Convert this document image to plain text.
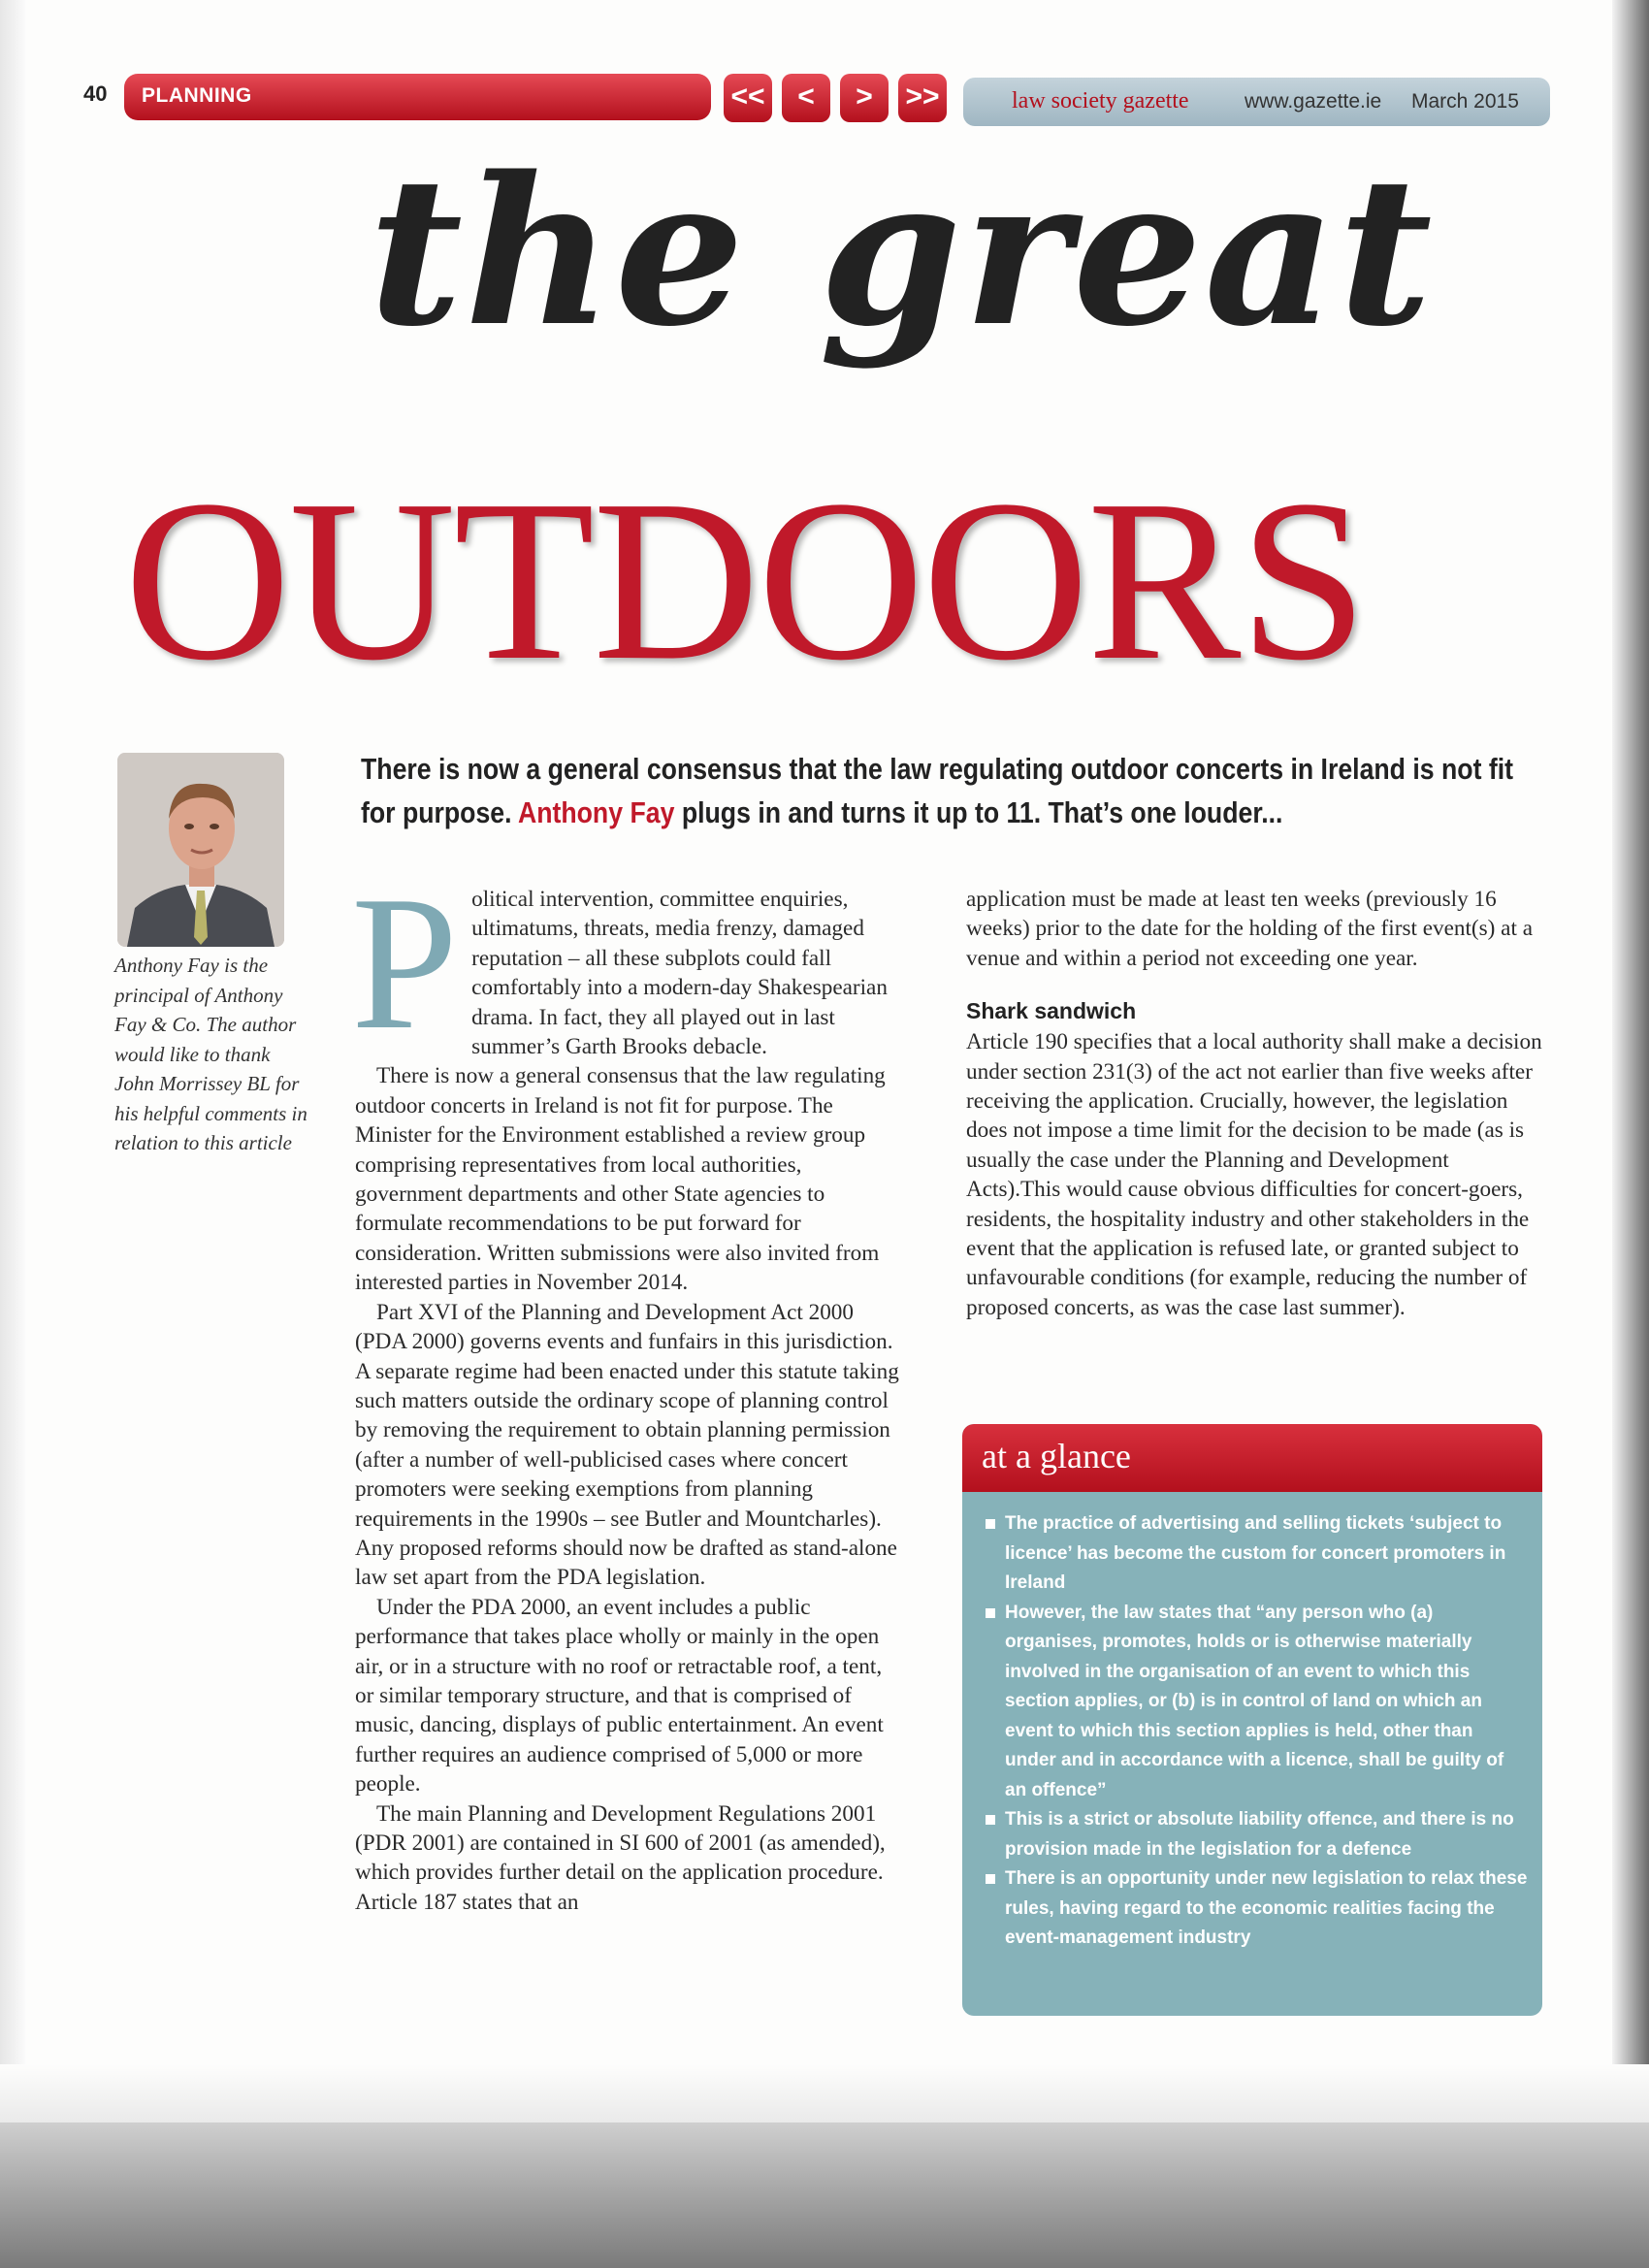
40 PLANNING	<<	<	>	>>	law society gazette	www.gazette.ie March 2015
the great
OUTDOORS
There is now a general consensus that the law regulating outdoor concerts in Ireland is not fit for purpose. Anthony Fay plugs in and turns it up to 11. That’s one louder...
Anthony Fay is the principal of Anthony Fay & Co. The author would like to thank John Morrissey BL for his helpful comments in relation to this article
P olitical intervention, committee enquiries, ultimatums, threats, media frenzy, damaged reputation – all these subplots could fall comfortably into a modern-day Shakespearian drama. In fact, they all played out in last summer’s Garth Brooks debacle.

There is now a general consensus that the law regulating outdoor concerts in Ireland is not fit for purpose. The Minister for the Environment established a review group comprising representatives from local authorities, government departments and other State agencies to formulate recommendations to be put forward for consideration. Written submissions were also invited from interested parties in November 2014.

Part XVI of the Planning and Development Act 2000 (PDA 2000) governs events and funfairs in this jurisdiction. A separate regime had been enacted under this statute taking such matters outside the ordinary scope of planning control by removing the requirement to obtain planning permission (after a number of well-publicised cases where concert promoters were seeking exemptions from planning requirements in the 1990s – see Butler and Mountcharles). Any proposed reforms should now be drafted as stand-alone law set apart from the PDA legislation.

Under the PDA 2000, an event includes a public performance that takes place wholly or mainly in the open air, or in a structure with no roof or retractable roof, a tent, or similar temporary structure, and that is comprised of music, dancing, displays of public entertainment. An event further requires an audience comprised of 5,000 or more people.

The main Planning and Development Regulations 2001 (PDR 2001) are contained in SI 600 of 2001 (as amended), which provides further detail on the application procedure. Article 187 states that an

application must be made at least ten weeks (previously 16 weeks) prior to the date for the holding of the first event(s) at a venue and within a period not exceeding one year.

Shark sandwich

Article 190 specifies that a local authority shall make a decision under section 231(3) of the act not earlier than five weeks after receiving the application. Crucially, however, the legislation does not impose a time limit for the decision to be made (as is usually the case under the Planning and Development Acts).This would cause obvious difficulties for concert-goers, residents, the hospitality industry and other stakeholders in the event that the application is refused late, or granted subject to unfavourable conditions (for example, reducing the number of proposed concerts, as was the case last summer).

at a glance
The practice of advertising and selling tickets ‘subject to licence’ has become the custom for concert promoters in Ireland
However, the law states that “any person who (a) organises, promotes, holds or is otherwise materially involved in the organisation of an event to which this section applies, or (b) is in control of land on which an event to which this section applies is held, other than under and in accordance with a licence, shall be guilty of an offence”
This is a strict or absolute liability offence, and there is no provision made in the legislation for a defence
There is an opportunity under new legislation to relax these rules, having regard to the economic realities facing the event-management industry
